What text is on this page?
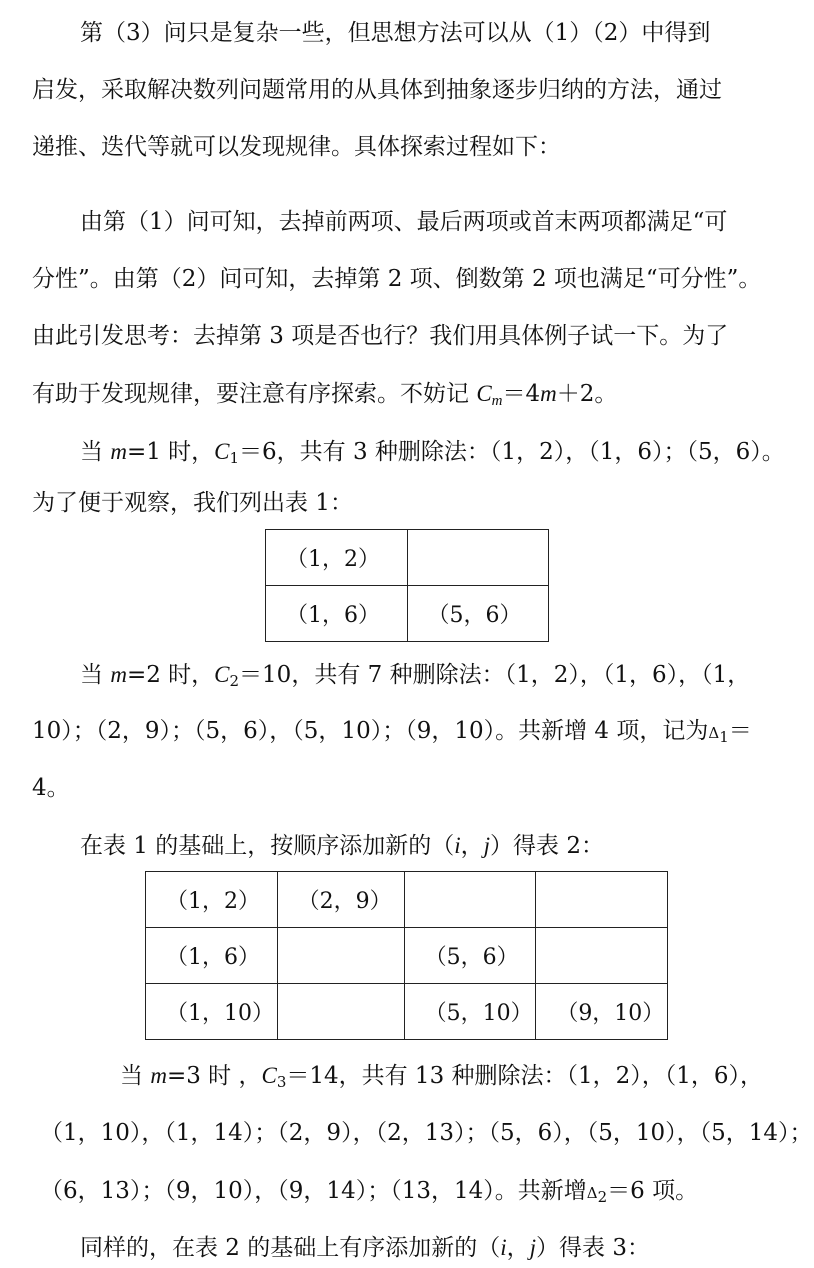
第（3）问只是复杂一些，但思想方法可以从（1）（2）中得到
启发，采取解决数列问题常用的从具体到抽象逐步归纳的方法，通过
递推、迭代等就可以发现规律。具体探索过程如下：
由第（1）问可知，去掉前两项、最后两项或首末两项都满足“可
分性”。由第（2）问可知，去掉第 2 项、倒数第 2 项也满足“可分性”。
由此引发思考：去掉第 3 项是否也行？我们用具体例子试一下。为了
有助于发现规律，要注意有序探索。不妨记 $C_m=4m+2$。
当 m=1 时，$C_1=6$，共有 3 种删除法：（1，2），（1，6）；（5，6）。
为了便于观察，我们列出表 1：
（1，2）	
（1，6）	（5，6）
当 m=2 时，$C_2=10$，共有 7 种删除法：（1，2），（1，6），（1，
10）；（2，9）；（5，6），（5，10）；（9，10）。共新增 4 项，记为$\Delta_1=$
4。
在表 1 的基础上，按顺序添加新的（i，j）得表 2：
（1，2）	（2，9）		
（1，6）		（5，6）	
（1，10）		（5，10）	（9，10）
当 m=3 时 ，$C_3=14$，共有 13 种删除法：（1，2），（1，6），
（1，10），（1，14）；（2，9），（2，13）；（5，6），（5，10），（5，14）；
（6，13）；（9，10），（9，14）；（13，14）。共新增$\Delta_2=6$ 项。
同样的，在表 2 的基础上有序添加新的（i，j）得表 3：
